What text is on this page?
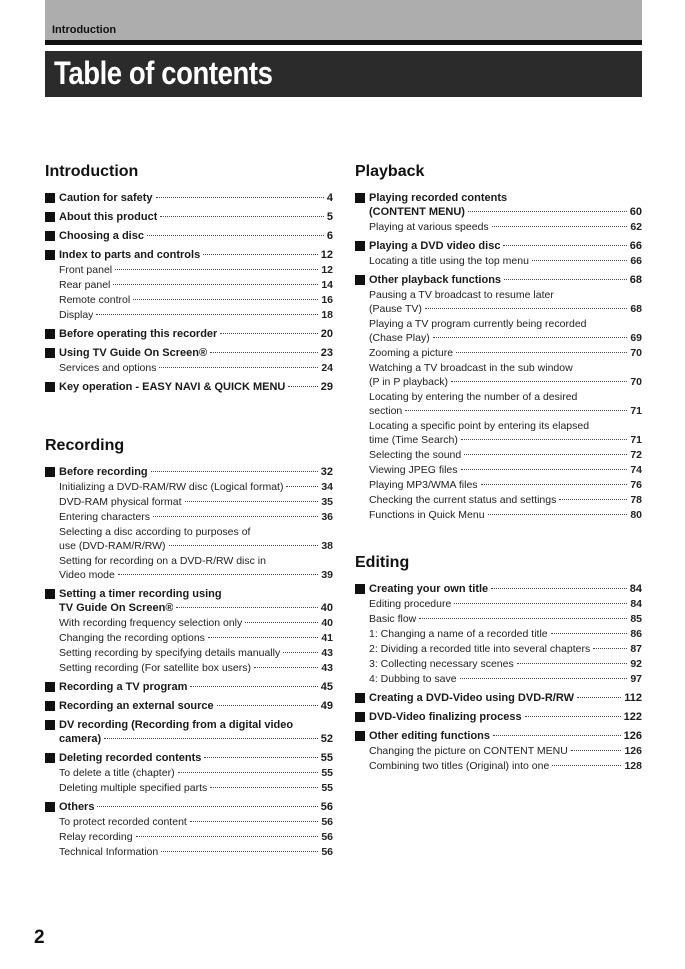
Introduction
Table of contents
Introduction
Caution for safety	4
About this product	5
Choosing a disc	6
Index to parts and controls	12
Front panel	12
Rear panel	14
Remote control	16
Display	18
Before operating this recorder	20
Using TV Guide On Screen®	23
Services and options	24
Key operation - EASY NAVI & QUICK MENU	29
Recording
Before recording	32
Initializing a DVD-RAM/RW disc (Logical format)	34
DVD-RAM physical format	35
Entering characters	36
Selecting a disc according to purposes of
use (DVD-RAM/R/RW)	38
Setting for recording on a DVD-R/RW disc in
Video mode	39
Setting a timer recording using
TV Guide On Screen®	40
With recording frequency selection only	40
Changing the recording options	41
Setting recording by specifying details manually	43
Setting recording (For satellite box users)	43
Recording a TV program	45
Recording an external source	49
DV recording (Recording from a digital video
camera)	52
Deleting recorded contents	55
To delete a title (chapter)	55
Deleting multiple specified parts	55
Others	56
To protect recorded content	56
Relay recording	56
Technical Information	56
Playback
Playing recorded contents
(CONTENT MENU)	60
Playing at various speeds	62
Playing a DVD video disc	66
Locating a title using the top menu	66
Other playback functions	68
Pausing a TV broadcast to resume later
(Pause TV)	68
Playing a TV program currently being recorded
(Chase Play)	69
Zooming a picture	70
Watching a TV broadcast in the sub window
(P in P playback)	70
Locating by entering the number of a desired
section	71
Locating a specific point by entering its elapsed
time (Time Search)	71
Selecting the sound	72
Viewing JPEG files	74
Playing MP3/WMA files	76
Checking the current status and settings	78
Functions in Quick Menu	80
Editing
Creating your own title	84
Editing procedure	84
Basic flow	85
1: Changing a name of a recorded title	86
2: Dividing a recorded title into several chapters	87
3: Collecting necessary scenes	92
4: Dubbing to save	97
Creating a DVD-Video using DVD-R/RW	112
DVD-Video finalizing process	122
Other editing functions	126
Changing the picture on CONTENT MENU	126
Combining two titles (Original) into one	128
2
